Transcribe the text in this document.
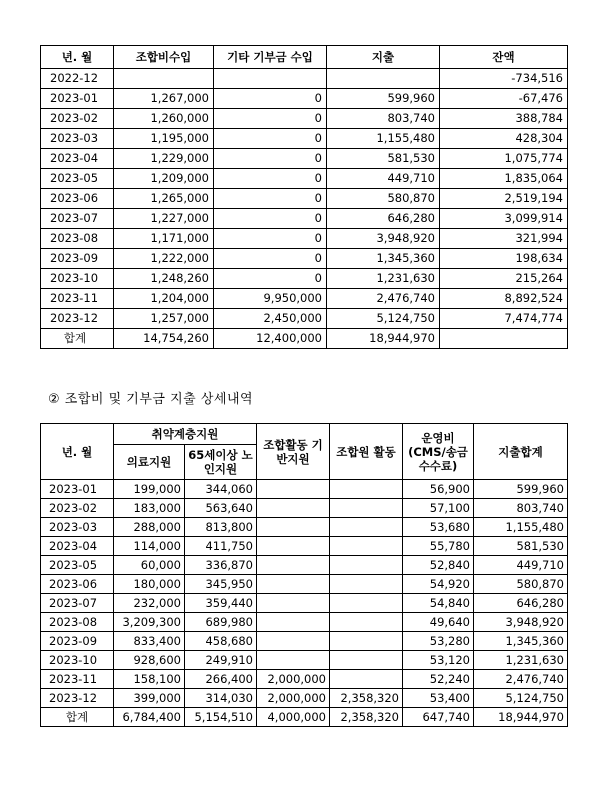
년. 월	조합비수입	기타 기부금 수입	지출	잔액
2022-12				-734,516
2023-01	1,267,000	0	599,960	-67,476
2023-02	1,260,000	0	803,740	388,784
2023-03	1,195,000	0	1,155,480	428,304
2023-04	1,229,000	0	581,530	1,075,774
2023-05	1,209,000	0	449,710	1,835,064
2023-06	1,265,000	0	580,870	2,519,194
2023-07	1,227,000	0	646,280	3,099,914
2023-08	1,171,000	0	3,948,920	321,994
2023-09	1,222,000	0	1,345,360	198,634
2023-10	1,248,260	0	1,231,630	215,264
2023-11	1,204,000	9,950,000	2,476,740	8,892,524
2023-12	1,257,000	2,450,000	5,124,750	7,474,774
합계	14,754,260	12,400,000	18,944,970	
② 조합비 및 기부금 지출 상세내역
년. 월	취약계층지원		조합활동 기반지원	조합원 활동	운영비 (CMS/송금 수수료)	지출합계
	의료지원	65세이상 노인지원				
2023-01	199,000	344,060			56,900	599,960
2023-02	183,000	563,640			57,100	803,740
2023-03	288,000	813,800			53,680	1,155,480
2023-04	114,000	411,750			55,780	581,530
2023-05	60,000	336,870			52,840	449,710
2023-06	180,000	345,950			54,920	580,870
2023-07	232,000	359,440			54,840	646,280
2023-08	3,209,300	689,980			49,640	3,948,920
2023-09	833,400	458,680			53,280	1,345,360
2023-10	928,600	249,910			53,120	1,231,630
2023-11	158,100	266,400	2,000,000		52,240	2,476,740
2023-12	399,000	314,030	2,000,000	2,358,320	53,400	5,124,750
합계	6,784,400	5,154,510	4,000,000	2,358,320	647,740	18,944,970
